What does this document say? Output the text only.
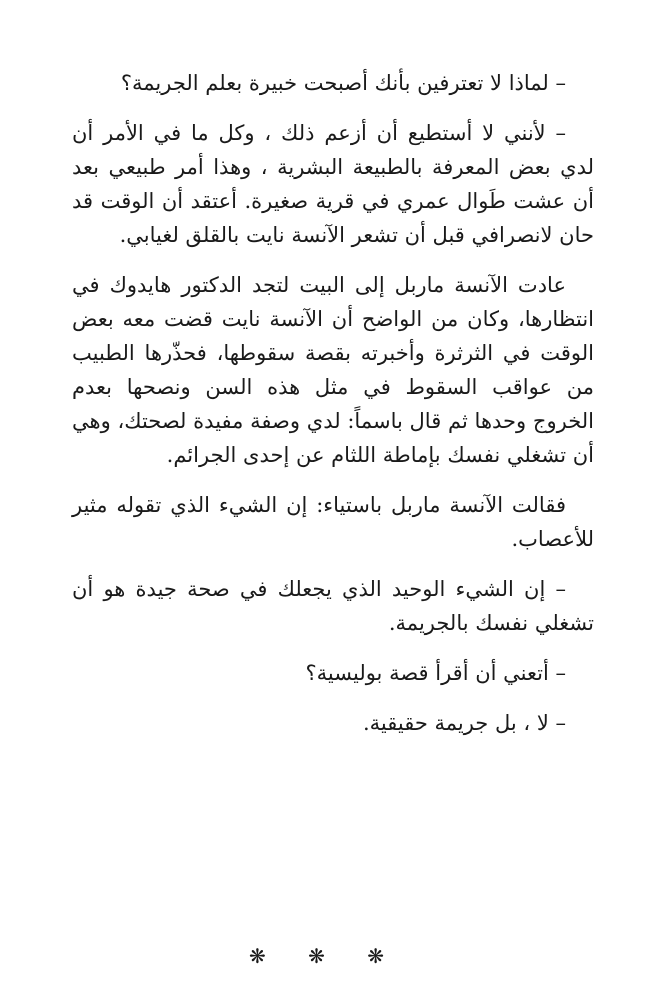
– لماذا لا تعترفين بأنك أصبحت خبيرة بعلم الجريمة؟

– لأنني لا أستطيع أن أزعم ذلك ، وكل ما في الأمر أن لدي بعض المعرفة بالطبيعة البشرية ، وهذا أمر طبيعي بعد أن عشت طَوال عمري في قرية صغيرة. أعتقد أن الوقت قد حان لانصرافي قبل أن تشعر الآنسة نايت بالقلق لغيابي.

عادت الآنسة ماربل إلى البيت لتجد الدكتور هايدوك في انتظارها، وكان من الواضح أن الآنسة نايت قضت معه بعض الوقت في الثرثرة وأخبرته بقصة سقوطها، فحذّرها الطبيب من عواقب السقوط في مثل هذه السن ونصحها بعدم الخروج وحدها ثم قال باسماً: لدي وصفة مفيدة لصحتك، وهي أن تشغلي نفسك بإماطة اللثام عن إحدى الجرائم.

فقالت الآنسة ماربل باستياء: إن الشيء الذي تقوله مثير للأعصاب.

– إن الشيء الوحيد الذي يجعلك في صحة جيدة هو أن تشغلي نفسك بالجريمة.

– أتعني أن أقرأ قصة بوليسية؟

– لا ، بل جريمة حقيقية.

❋ ❋ ❋
